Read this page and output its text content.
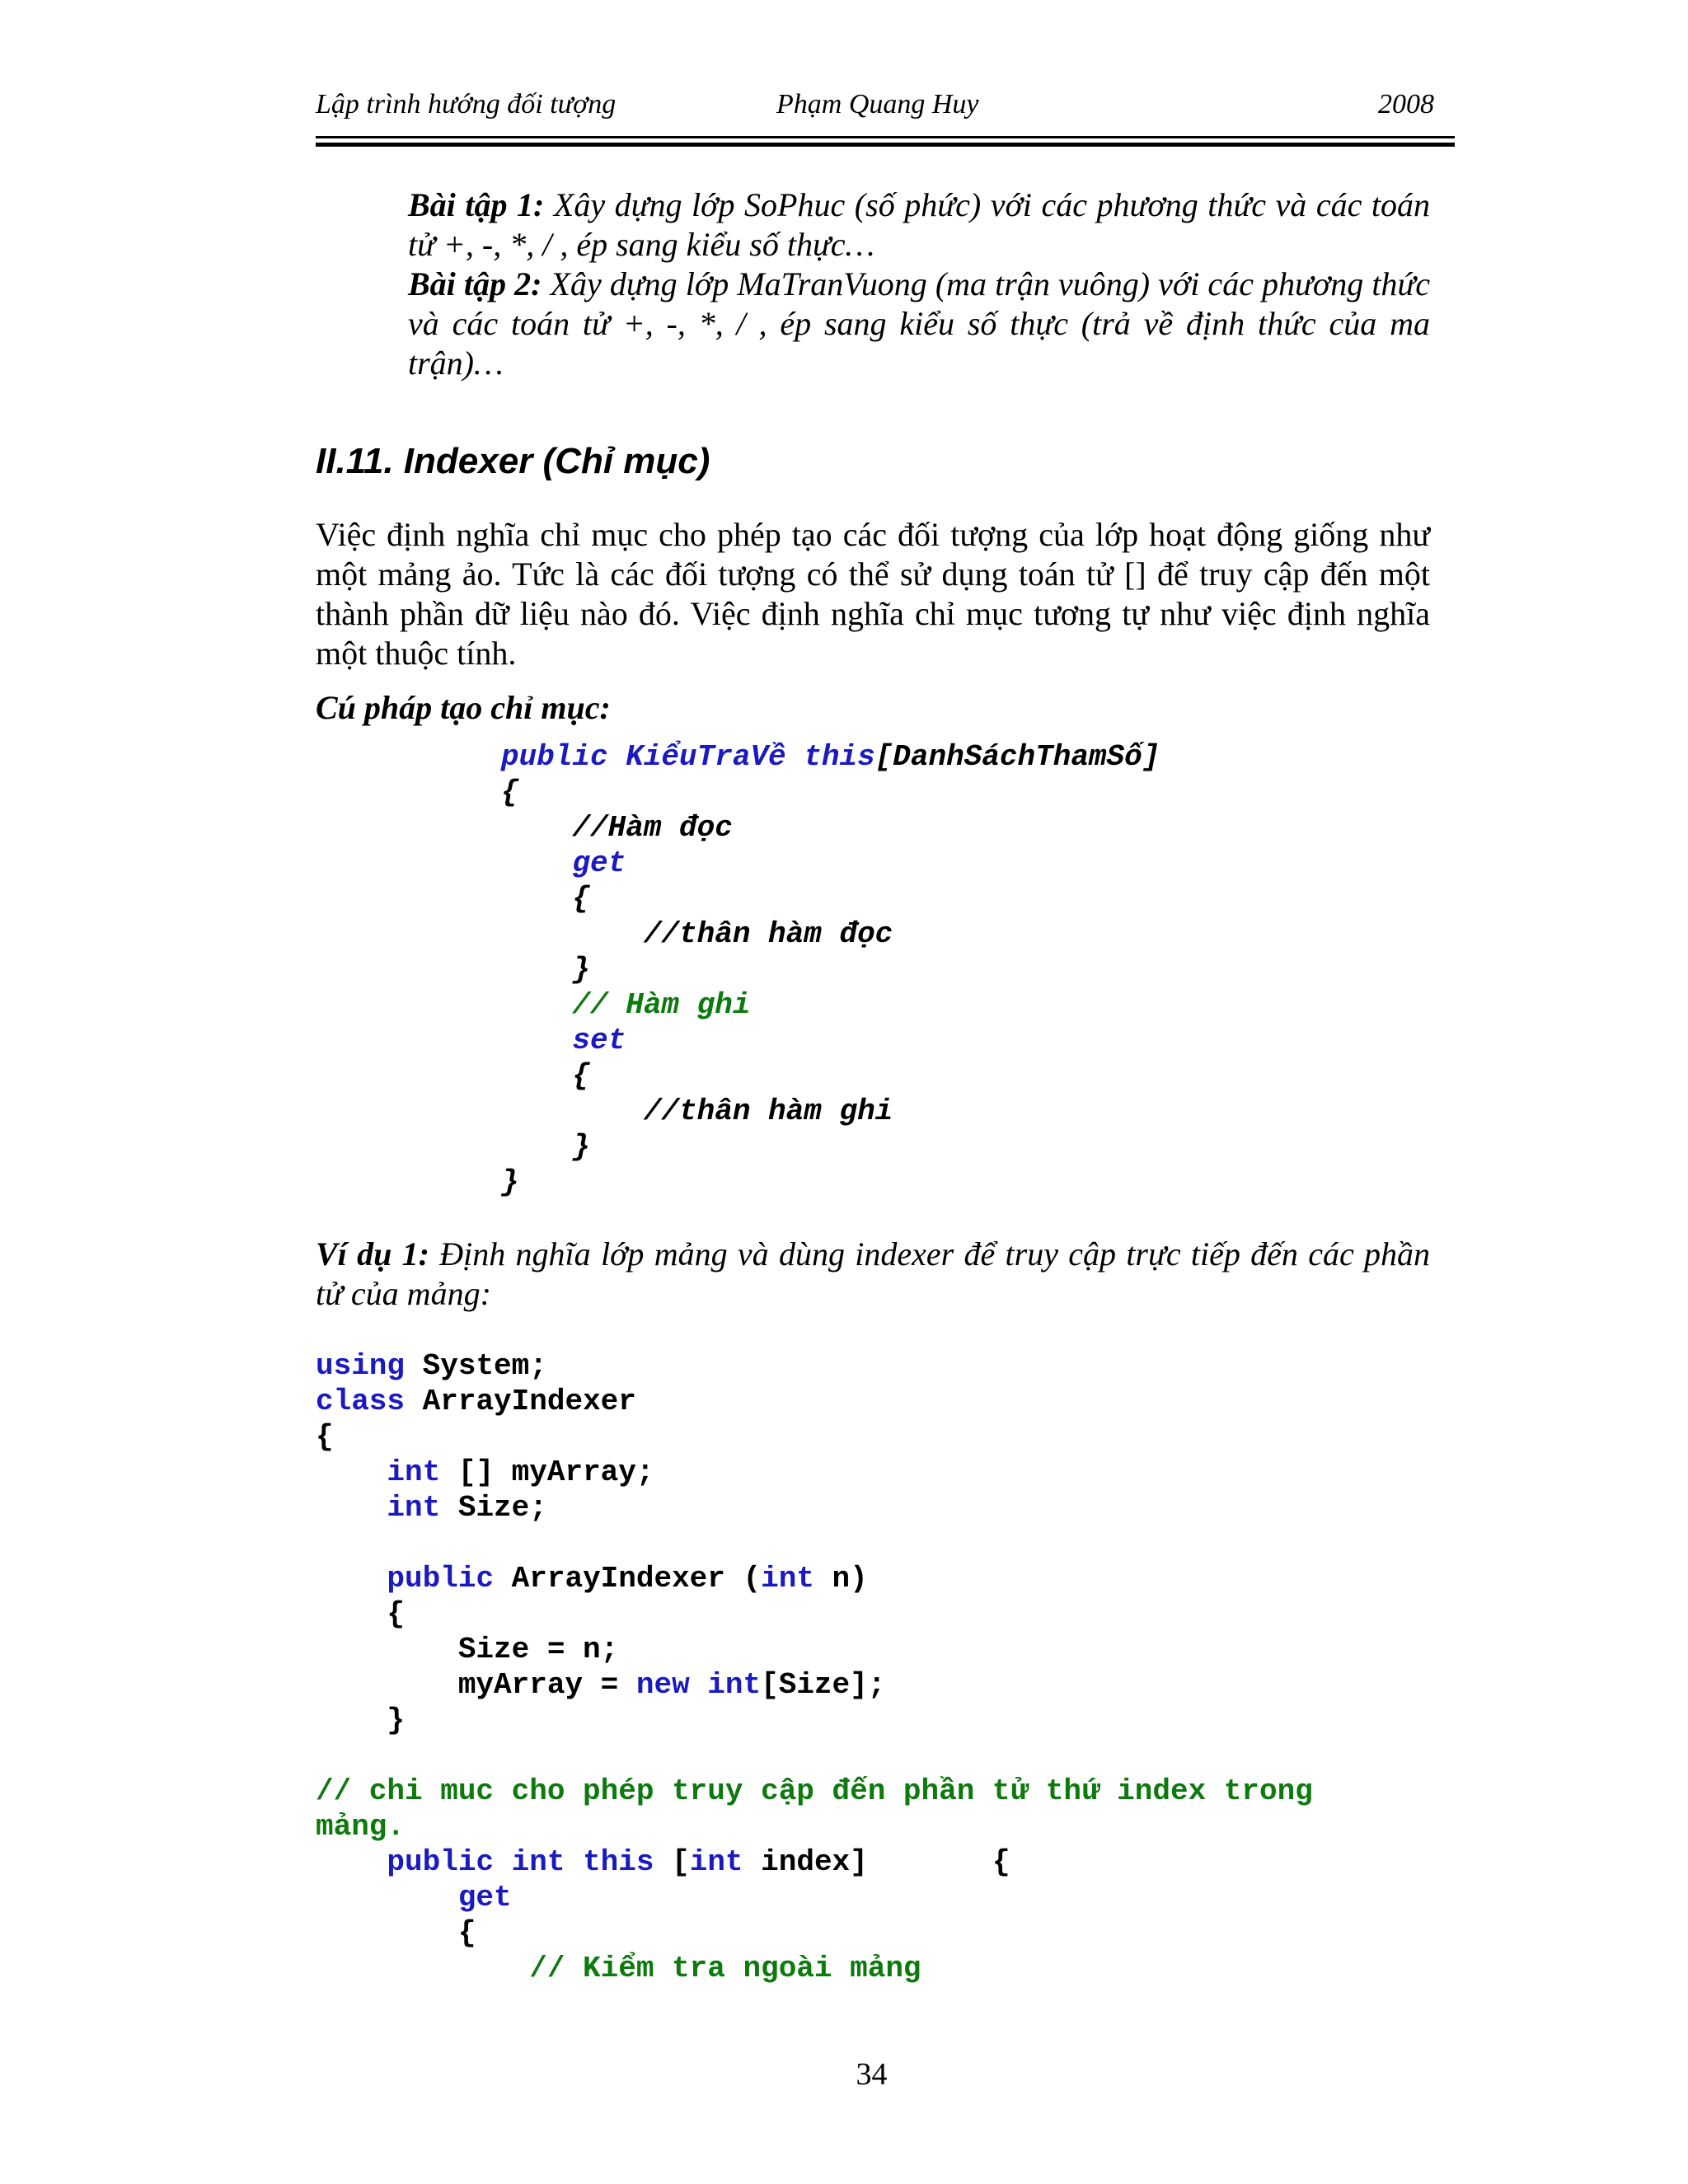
Lập trình hướng đối tượng	Phạm Quang Huy	2008
Bài tập 1: Xây dựng lớp SoPhuc (số phức) với các phương thức và các toán tử +, -, *, / , ép sang kiểu số thực…
Bài tập 2: Xây dựng lớp MaTranVuong (ma trận vuông) với các phương thức và các toán tử +, -, *, / , ép sang kiểu số thực (trả về định thức của ma trận)…
II.11. Indexer (Chỉ mục)
Việc định nghĩa chỉ mục cho phép tạo các đối tượng của lớp hoạt động giống như một mảng ảo. Tức là các đối tượng có thể sử dụng toán tử [] để truy cập đến một thành phần dữ liệu nào đó. Việc định nghĩa chỉ mục tương tự như việc định nghĩa một thuộc tính.
Cú pháp tạo chỉ mục:
public KiểuTraVề this[DanhSáchThamSố]
{
//Hàm đọc
get
{
//thân hàm đọc
}
// Hàm ghi
set
{
//thân hàm ghi
}
}
Ví dụ 1: Định nghĩa lớp mảng và dùng indexer để truy cập trực tiếp đến các phần tử của mảng:
using System;
class ArrayIndexer
{
int [] myArray;
int Size;
public ArrayIndexer (int n)
{
Size = n;
myArray = new int[Size];
}
// chi muc cho phép truy cập đến phần tử thứ index trong
mảng.
public int this [int index]       {
get
{
// Kiểm tra ngoài mảng
34
